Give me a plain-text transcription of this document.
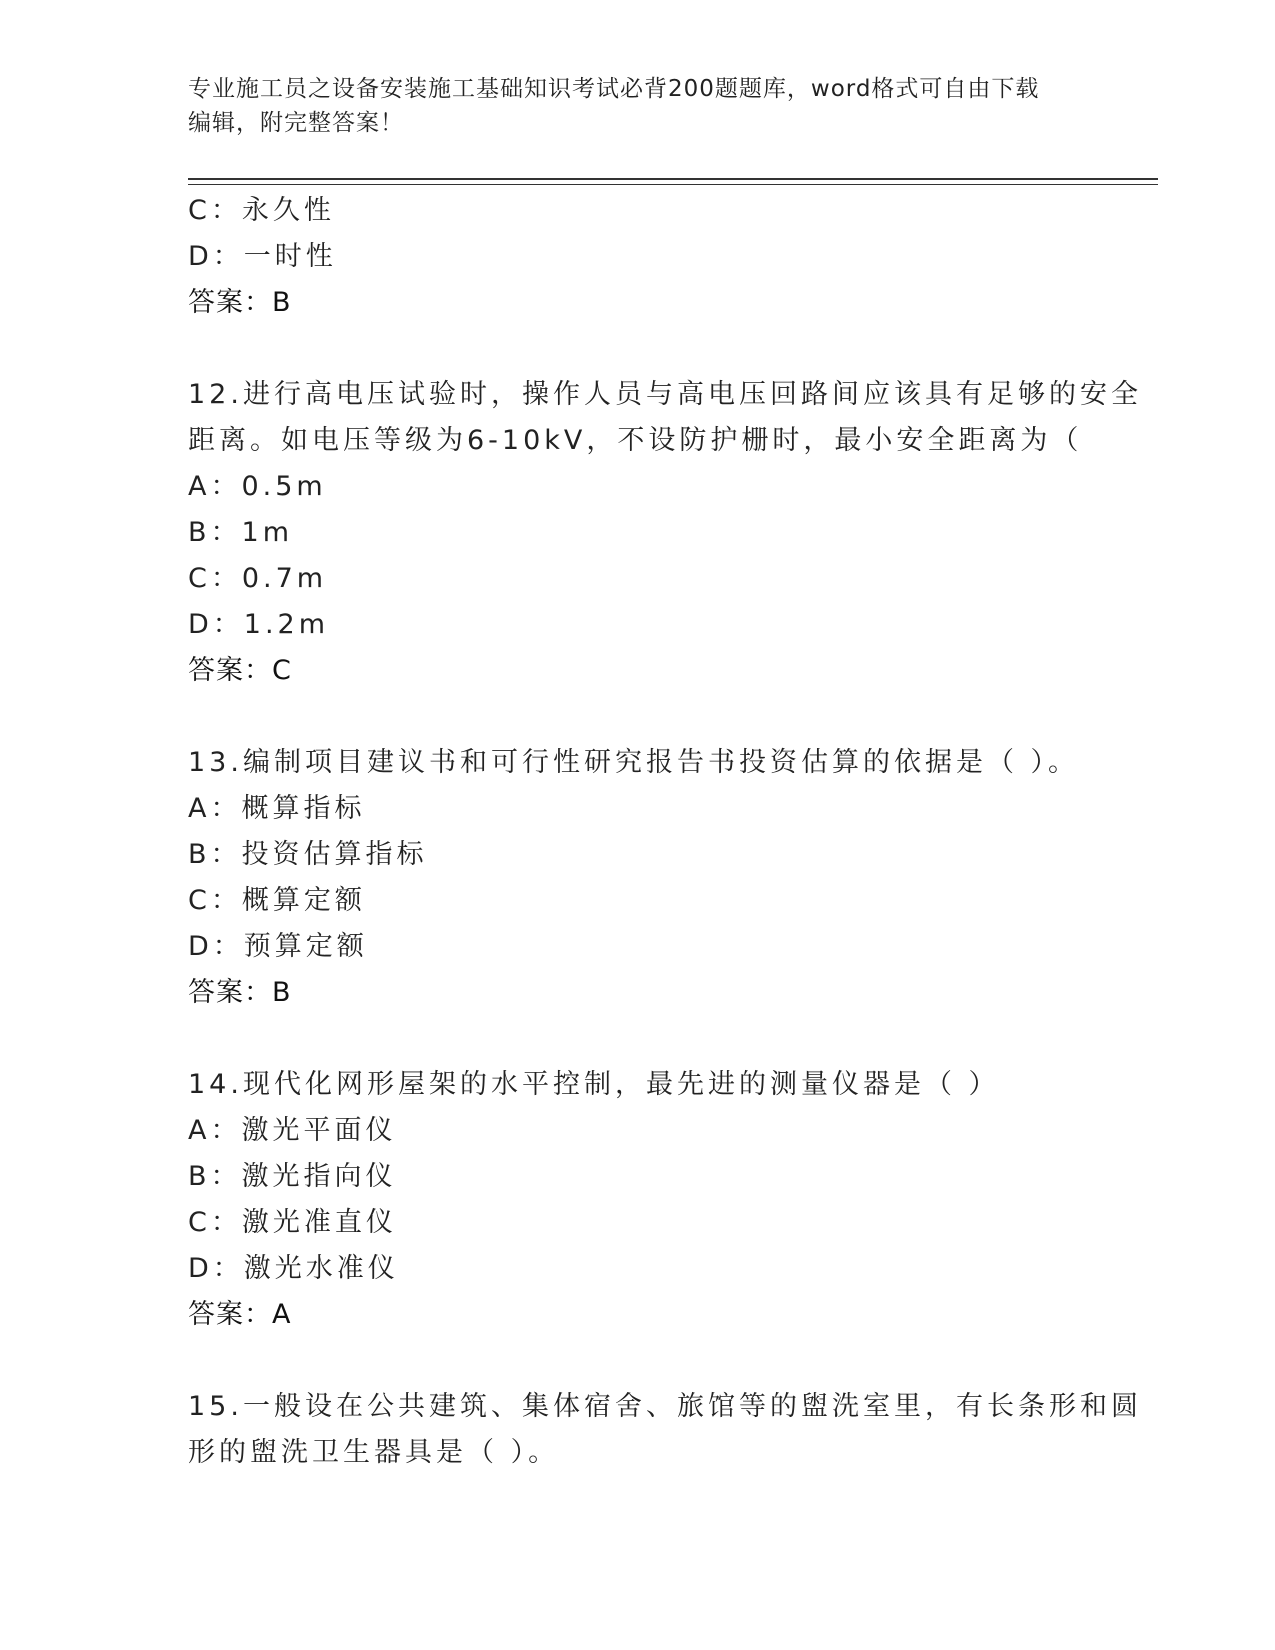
专业施工员之设备安装施工基础知识考试必背200题题库，word格式可自由下载
编辑，附完整答案！
C：永久性
D：一时性
答案：B
12.进行高电压试验时，操作人员与高电压回路间应该具有足够的安全
距离。如电压等级为6-10kV，不设防护栅时，最小安全距离为（
A：0.5m
B：1m
C：0.7m
D：1.2m
答案：C
13.编制项目建议书和可行性研究报告书投资估算的依据是（ ）。
A：概算指标
B：投资估算指标
C：概算定额
D：预算定额
答案：B
14.现代化网形屋架的水平控制，最先进的测量仪器是（ ）
A：激光平面仪
B：激光指向仪
C：激光准直仪
D：激光水准仪
答案：A
15.一般设在公共建筑、集体宿舍、旅馆等的盥洗室里，有长条形和圆
形的盥洗卫生器具是（ ）。
